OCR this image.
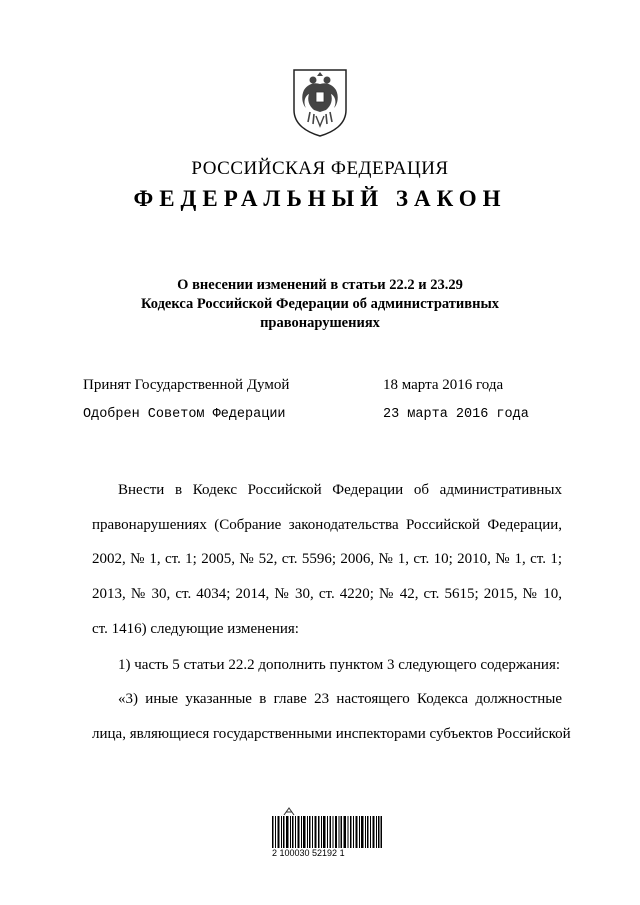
РОССИЙСКАЯ ФЕДЕРАЦИЯ
ФЕДЕРАЛЬНЫЙ ЗАКОН
О внесении изменений в статьи 22.2 и 23.29
Кодекса Российской Федерации об административных
правонарушениях
Принят Государственной Думой	18 марта 2016 года
Одобрен Советом Федерации	23 марта 2016 года
Внести в Кодекс Российской Федерации об административных
правонарушениях (Собрание законодательства Российской Федерации,
2002, № 1, ст. 1; 2005, № 52, ст. 5596; 2006, № 1, ст. 10; 2010, № 1, ст. 1;
2013, № 30, ст. 4034; 2014, № 30, ст. 4220; № 42, ст. 5615; 2015, № 10,
ст. 1416) следующие изменения:
1) часть 5 статьи 22.2 дополнить пунктом 3 следующего содержания:
«3) иные указанные в главе 23 настоящего Кодекса должностные
лица, являющиеся государственными инспекторами субъектов Российской
2 100030 52192 1
